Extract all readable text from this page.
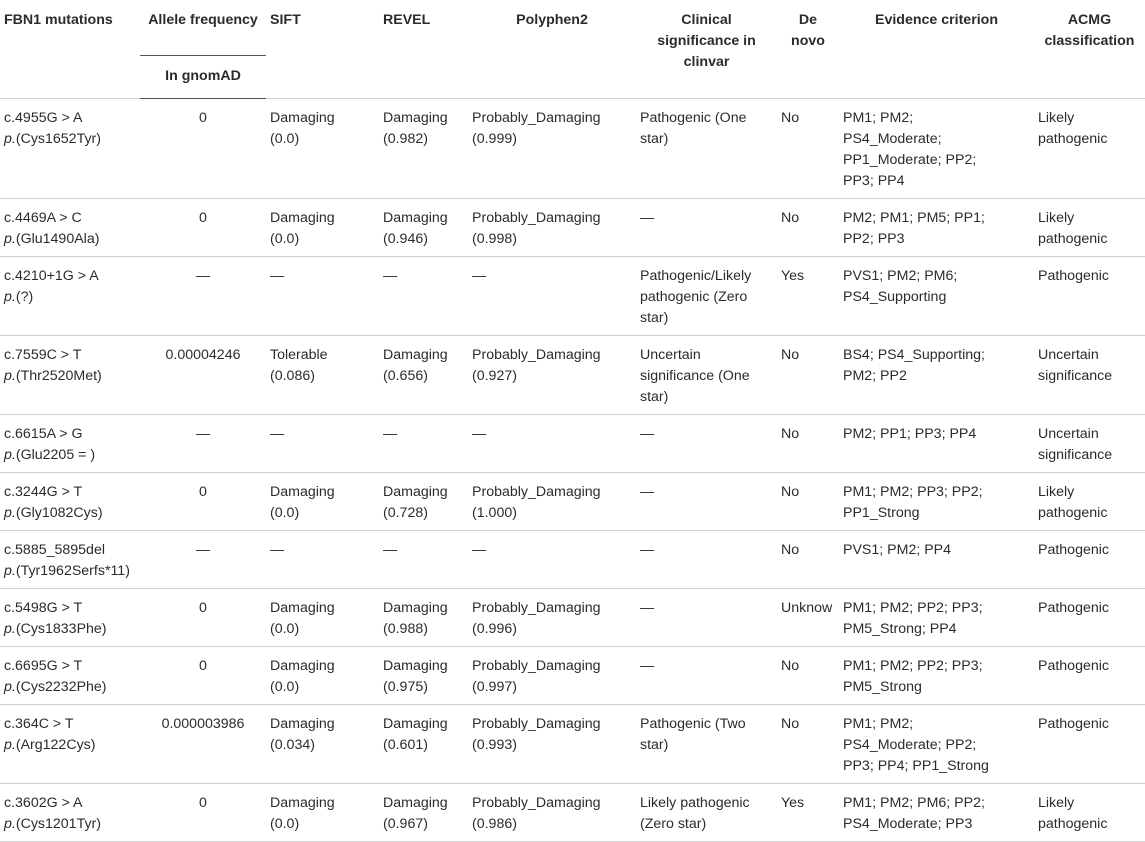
FBN1 mutations	Allele frequency	SIFT	REVEL	Polyphen2	Clinical significance in clinvar	De novo	Evidence criterion	ACMG classification
	In gnomAD							

c.4955G > A
p.(Cys1652Tyr)	0	Damaging
(0.0)	Damaging
(0.982)	Probably_Damaging
(0.999)	Pathogenic (One
star)	No	PM1; PM2;
PS4_Moderate;
PP1_Moderate; PP2;
PP3; PP4	Likely
pathogenic

c.4469A > C
p.(Glu1490Ala)	0	Damaging
(0.0)	Damaging
(0.946)	Probably_Damaging
(0.998)	—	No	PM2; PM1; PM5; PP1;
PP2; PP3	Likely
pathogenic

c.4210+1G > A
p.(?)	—	—	—	—	Pathogenic/Likely
pathogenic (Zero
star)	Yes	PVS1; PM2; PM6;
PS4_Supporting	Pathogenic

c.7559C > T
p.(Thr2520Met)	0.00004246	Tolerable
(0.086)	Damaging
(0.656)	Probably_Damaging
(0.927)	Uncertain
significance (One
star)	No	BS4; PS4_Supporting;
PM2; PP2	Uncertain
significance

c.6615A > G
p.(Glu2205 = )	—	—	—	—	—	No	PM2; PP1; PP3; PP4	Uncertain
significance

c.3244G > T
p.(Gly1082Cys)	0	Damaging
(0.0)	Damaging
(0.728)	Probably_Damaging
(1.000)	—	No	PM1; PM2; PP3; PP2;
PP1_Strong	Likely
pathogenic

c.5885_5895del
p.(Tyr1962Serfs*11)	—	—	—	—	—	No	PVS1; PM2; PP4	Pathogenic

c.5498G > T
p.(Cys1833Phe)	0	Damaging
(0.0)	Damaging
(0.988)	Probably_Damaging
(0.996)	—	Unknow	PM1; PM2; PP2; PP3;
PM5_Strong; PP4	Pathogenic

c.6695G > T
p.(Cys2232Phe)	0	Damaging
(0.0)	Damaging
(0.975)	Probably_Damaging
(0.997)	—	No	PM1; PM2; PP2; PP3;
PM5_Strong	Pathogenic

c.364C > T
p.(Arg122Cys)	0.000003986	Damaging
(0.034)	Damaging
(0.601)	Probably_Damaging
(0.993)	Pathogenic (Two
star)	No	PM1; PM2;
PS4_Moderate; PP2;
PP3; PP4; PP1_Strong	Pathogenic

c.3602G > A
p.(Cys1201Tyr)	0	Damaging
(0.0)	Damaging
(0.967)	Probably_Damaging
(0.986)	Likely pathogenic
(Zero star)	Yes	PM1; PM2; PM6; PP2;
PS4_Moderate; PP3	Likely
pathogenic
